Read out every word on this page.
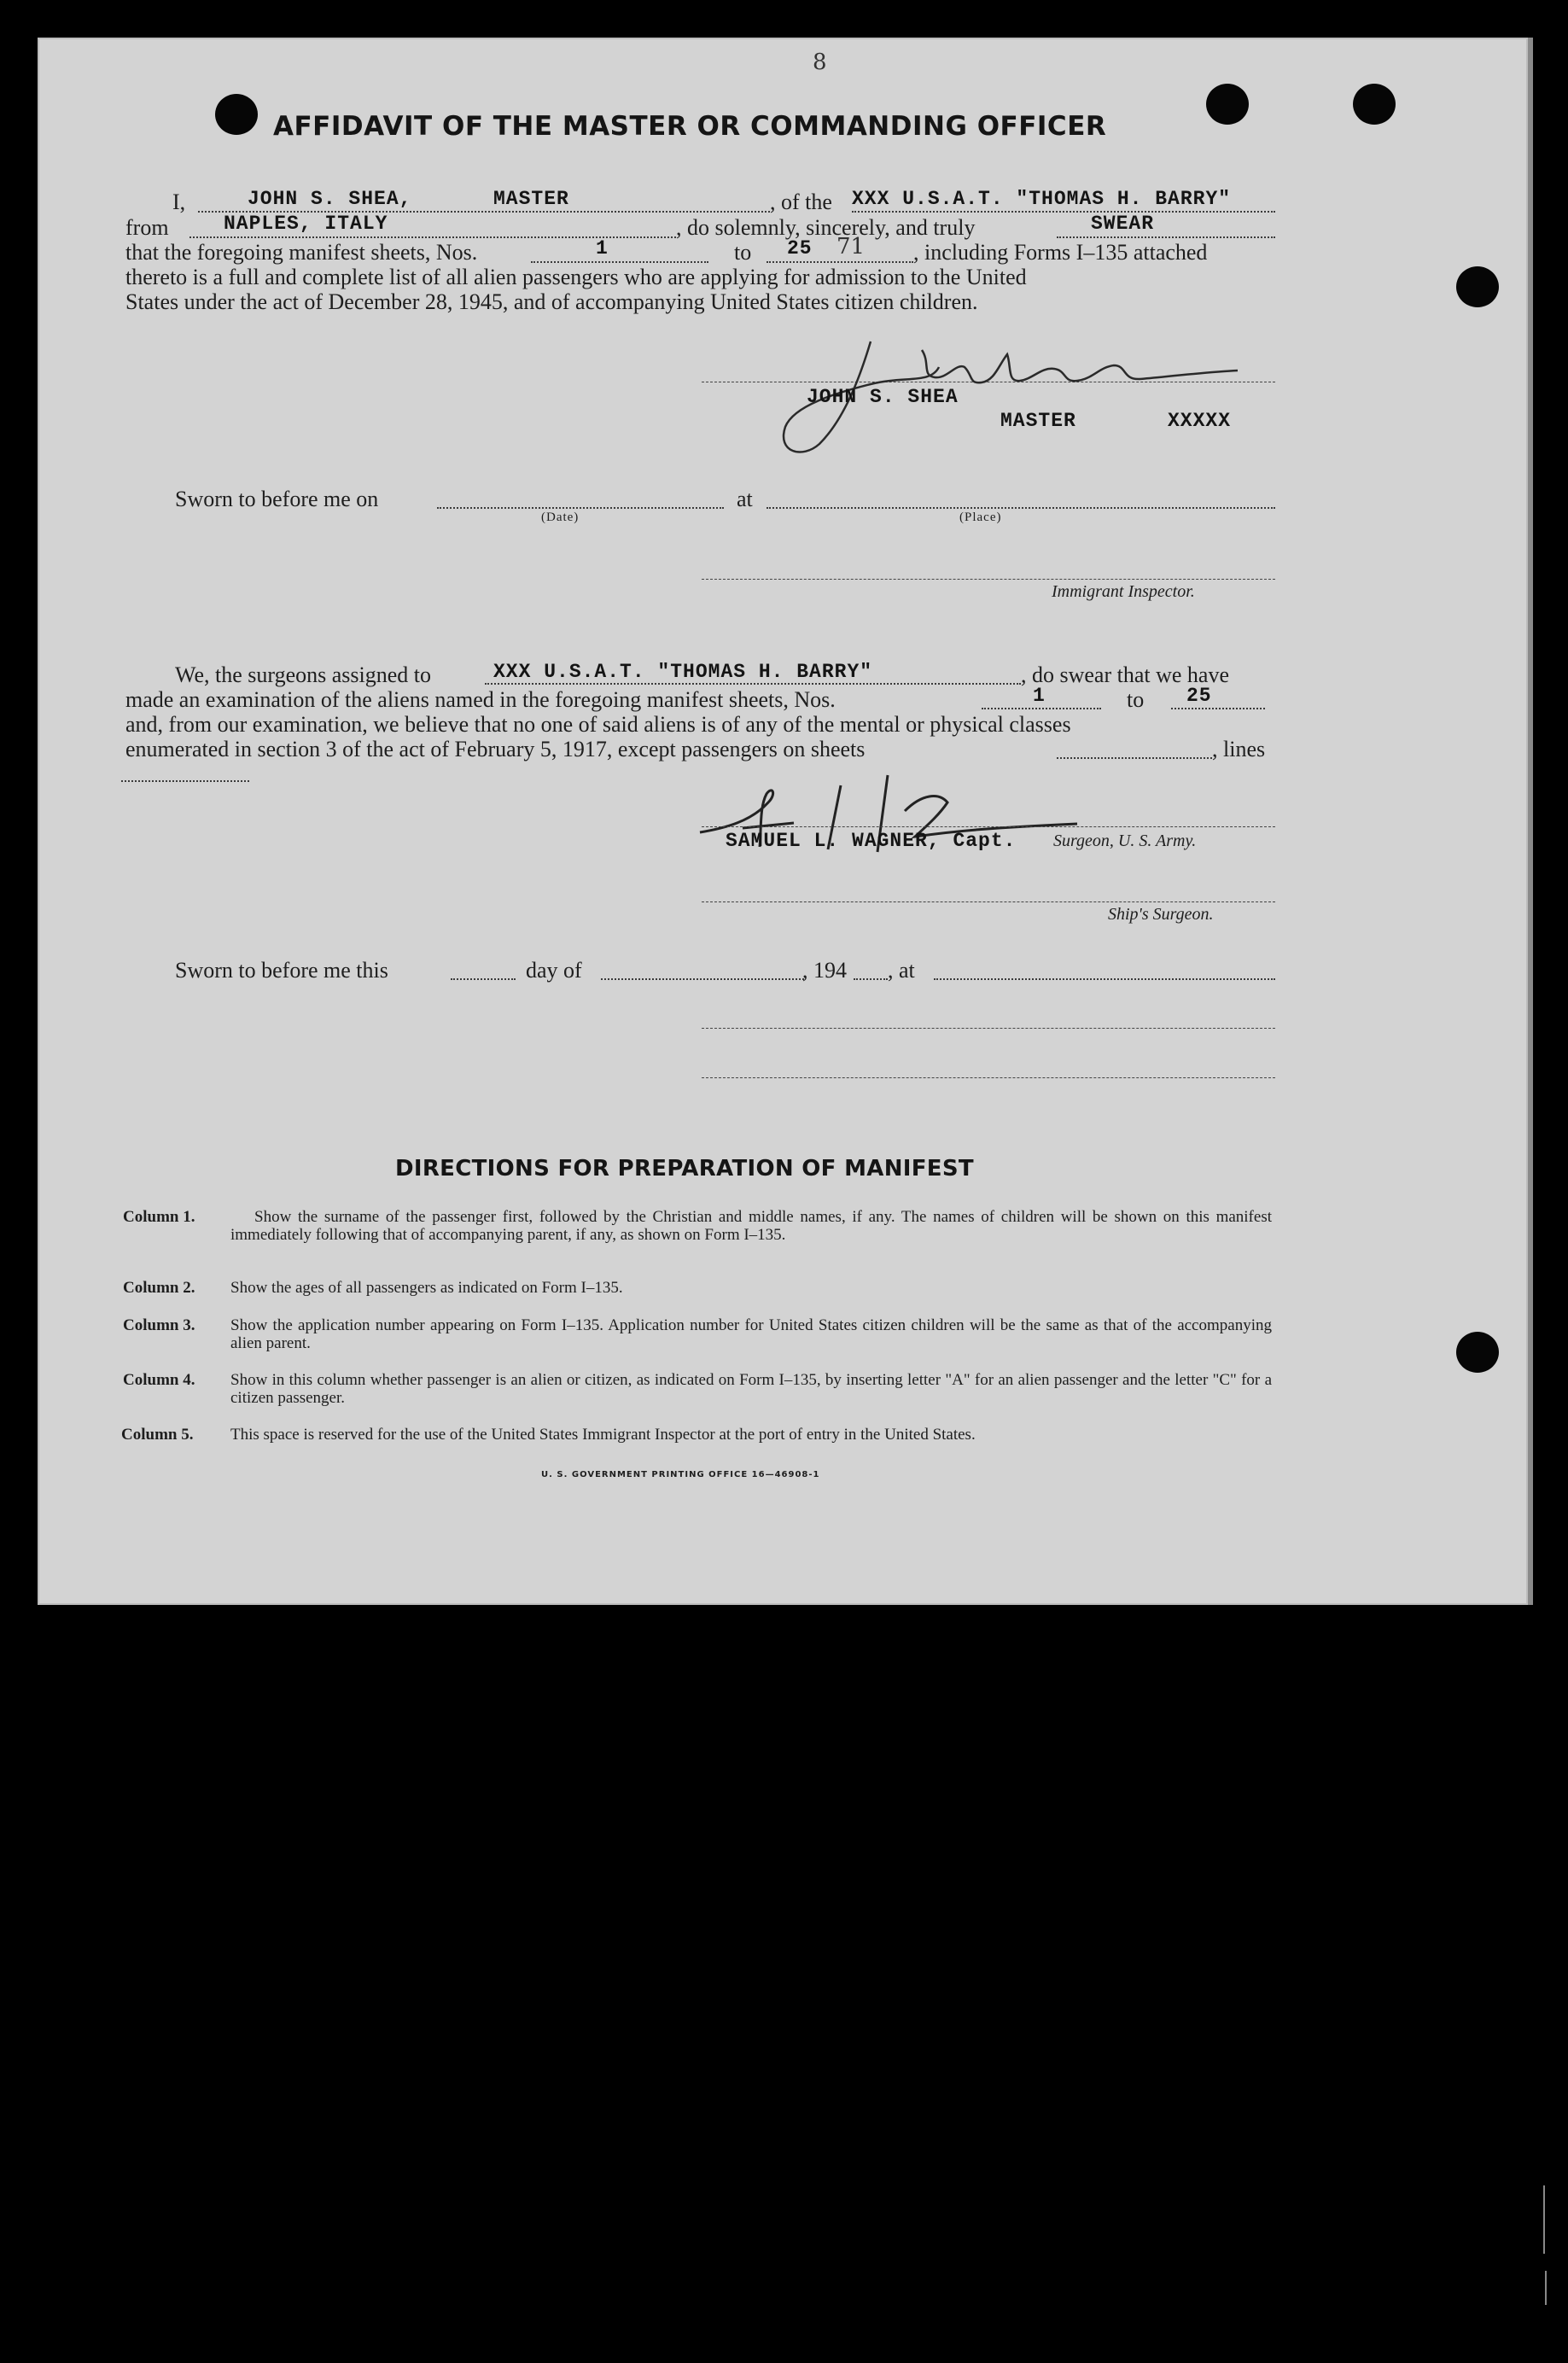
8
AFFIDAVIT OF THE MASTER OR COMMANDING OFFICER
I,	JOHN S. SHEA,	MASTER	, of the XXX U.S.A.T. "THOMAS H. BARRY"
from	NAPLES, ITALY	, do solemnly, sincerely, and truly	SWEAR
that the foregoing manifest sheets, Nos.	1	to 25 71 , including Forms I–135 attached
thereto is a full and complete list of all alien passengers who are applying for admission to the United
States under the act of December 28, 1945, and of accompanying United States citizen children.
JOHN S. SHEA
MASTER	XXXXX
Sworn to before me on
(Date)
at
(Place)
Immigrant Inspector.
We, the surgeons assigned to	XXX U.S.A.T. "THOMAS H. BARRY"	, do swear that we have
made an examination of the aliens named in the foregoing manifest sheets, Nos.	1	to 25
and, from our examination, we believe that no one of said aliens is of any of the mental or physical classes
enumerated in section 3 of the act of February 5, 1917, except passengers on sheets	, lines
SAMUEL L. WAGNER, Capt. Surgeon, U. S. Army.
Ship's Surgeon.
Sworn to before me this	day of	, 194 , at
DIRECTIONS FOR PREPARATION OF MANIFEST
Column 1.	Show the surname of the passenger first, followed by the Christian and middle names, if any. The names of children will be shown on this manifest immediately following that of accompanying parent, if any, as shown on Form I–135.
Column 2. Show the ages of all passengers as indicated on Form I–135.
Column 3. Show the application number appearing on Form I–135. Application number for United States citizen children will be the same as that of the accompanying alien parent.
Column 4. Show in this column whether passenger is an alien or citizen, as indicated on Form I–135, by inserting letter "A" for an alien passenger and the letter "C" for a citizen passenger.
Column 5. This space is reserved for the use of the United States Immigrant Inspector at the port of entry in the United States.
U. S. GOVERNMENT PRINTING OFFICE 16—46908-1
